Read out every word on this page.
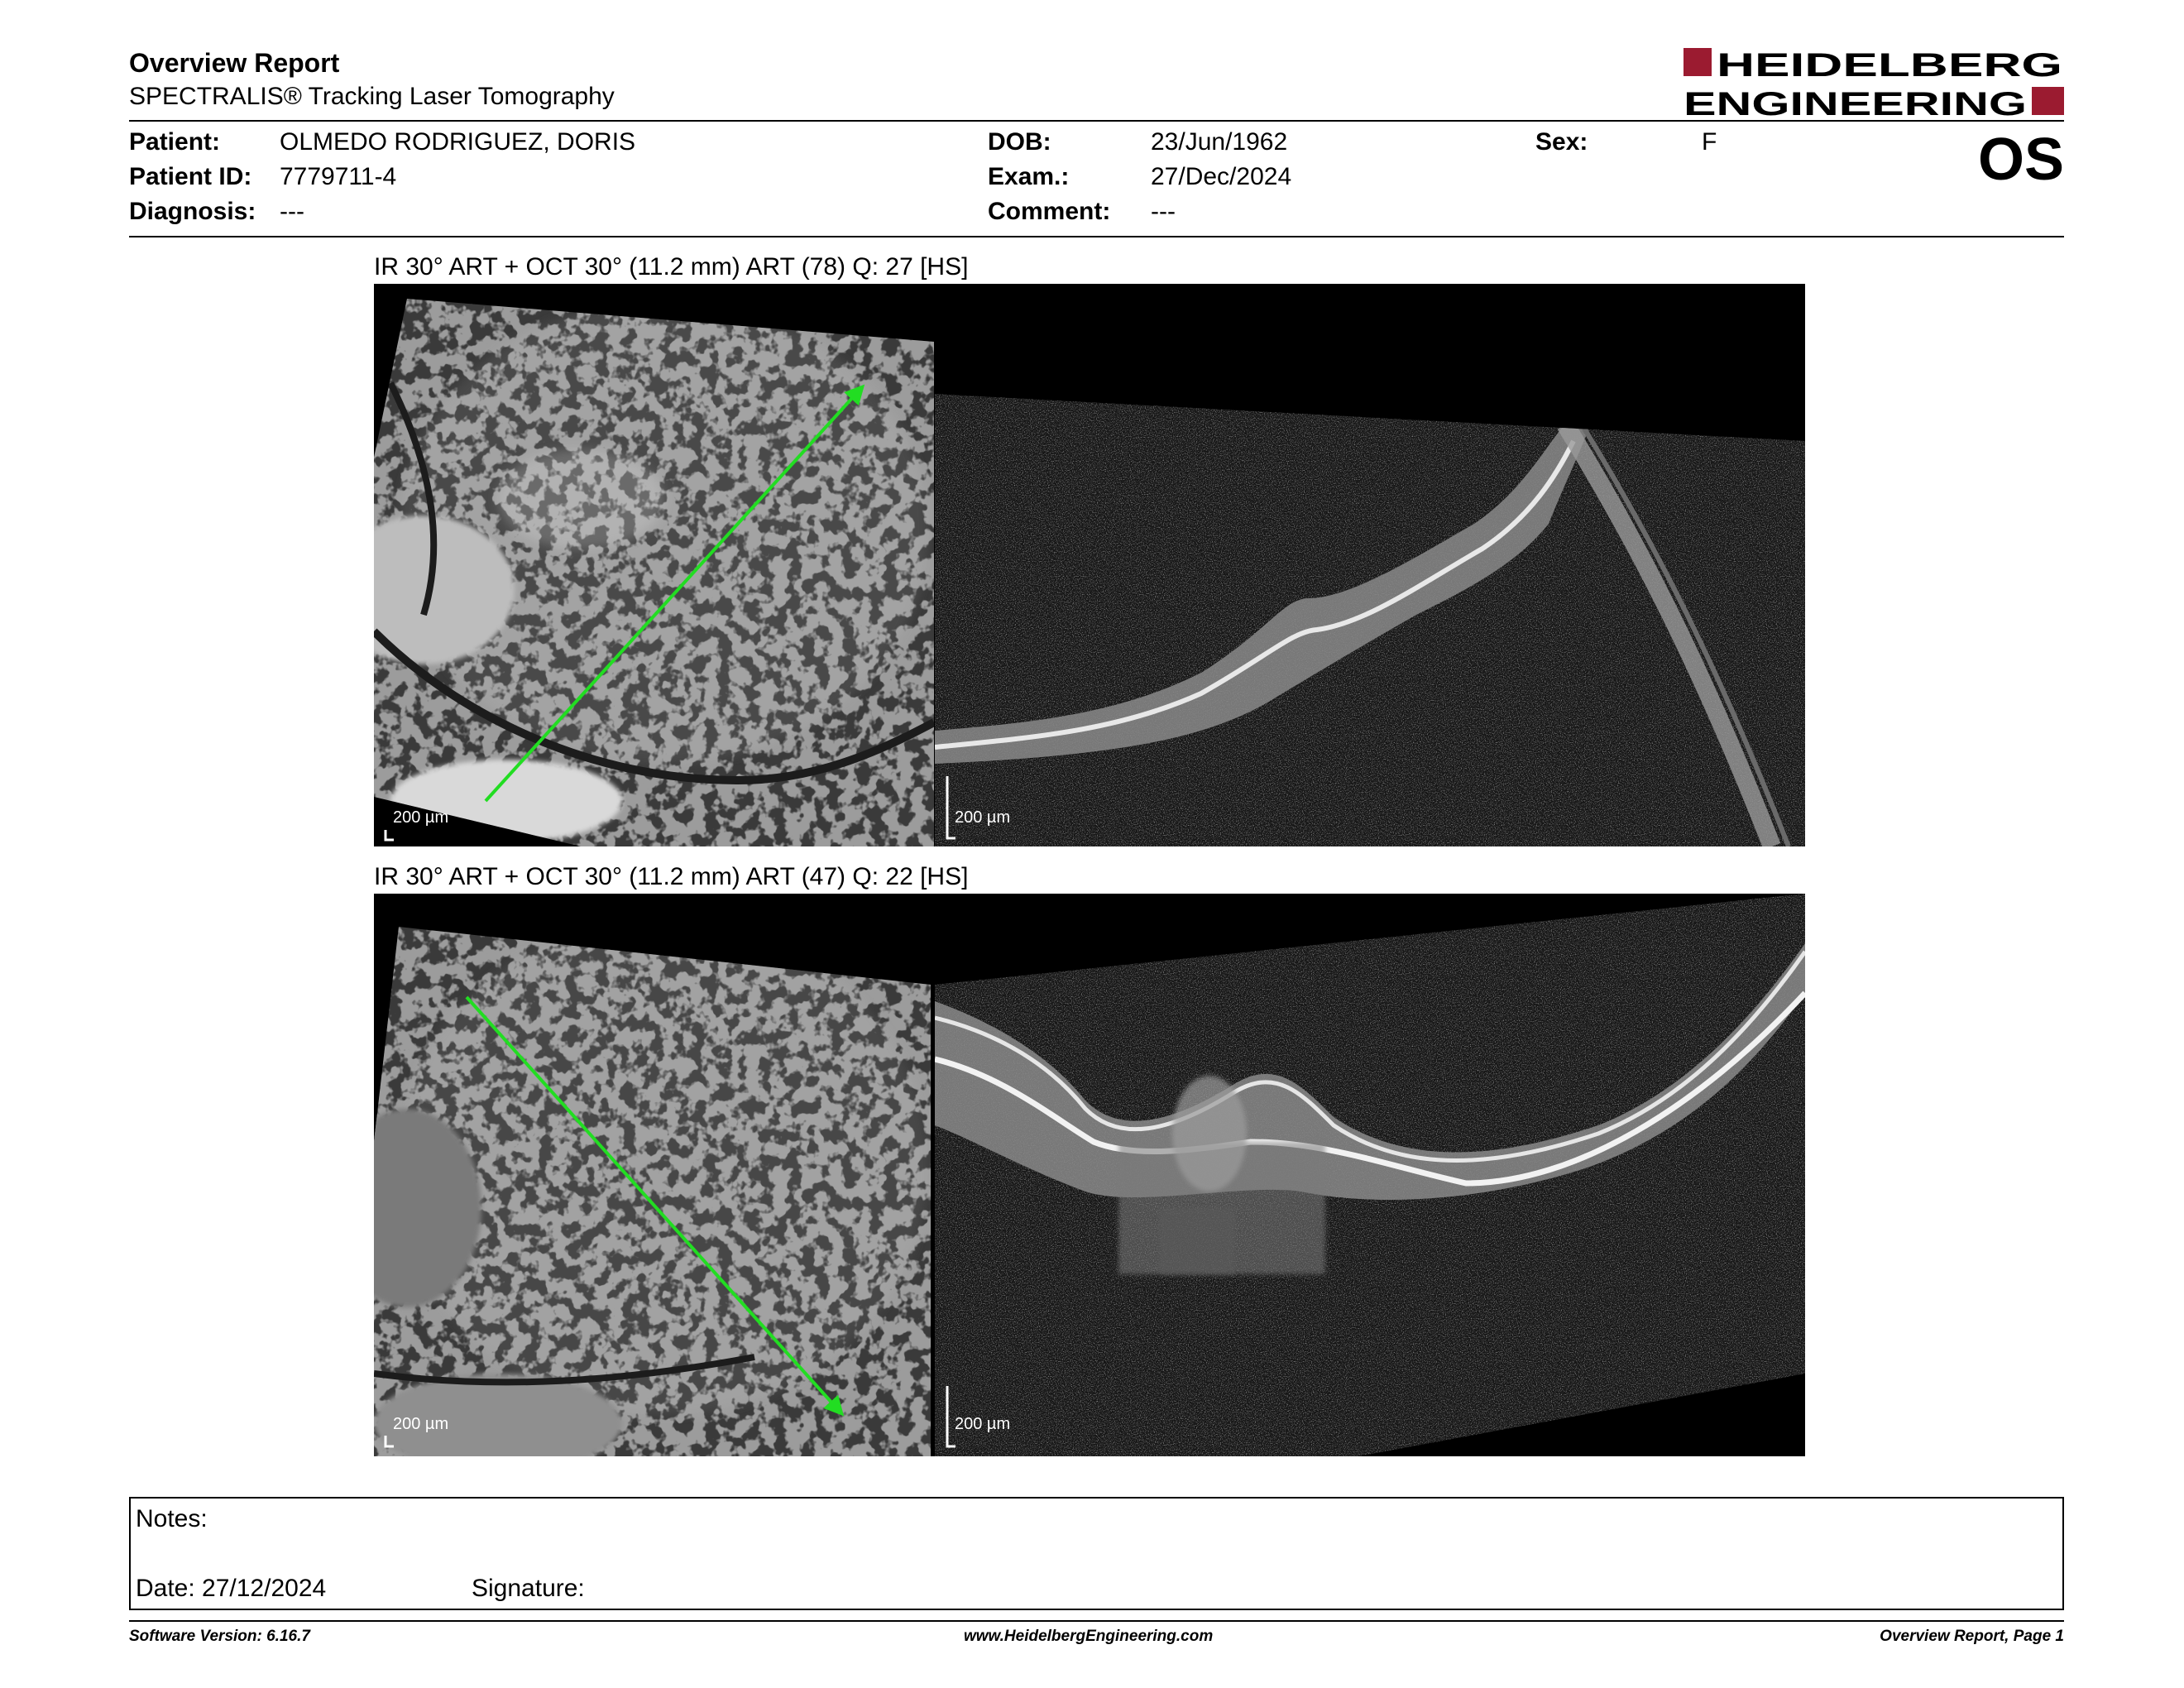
Overview Report
SPECTRALIS® Tracking Laser Tomography
HEIDELBERG
ENGINEERING
Patient: OLMEDO RODRIGUEZ, DORIS
Patient ID: 7779711-4
Diagnosis: ---
DOB:	23/Jun/1962
Exam.:	27/Dec/2024
Comment: ---
Sex:	F	OS
IR 30° ART + OCT 30° (11.2 mm) ART (78) Q: 27 [HS]
200 µm	200 µm
IR 30° ART + OCT 30° (11.2 mm) ART (47) Q: 22 [HS]
200 µm	200 µm
Notes:
Date: 27/12/2024	Signature:
Software Version: 6.16.7	www.HeidelbergEngineering.com	Overview Report, Page 1
